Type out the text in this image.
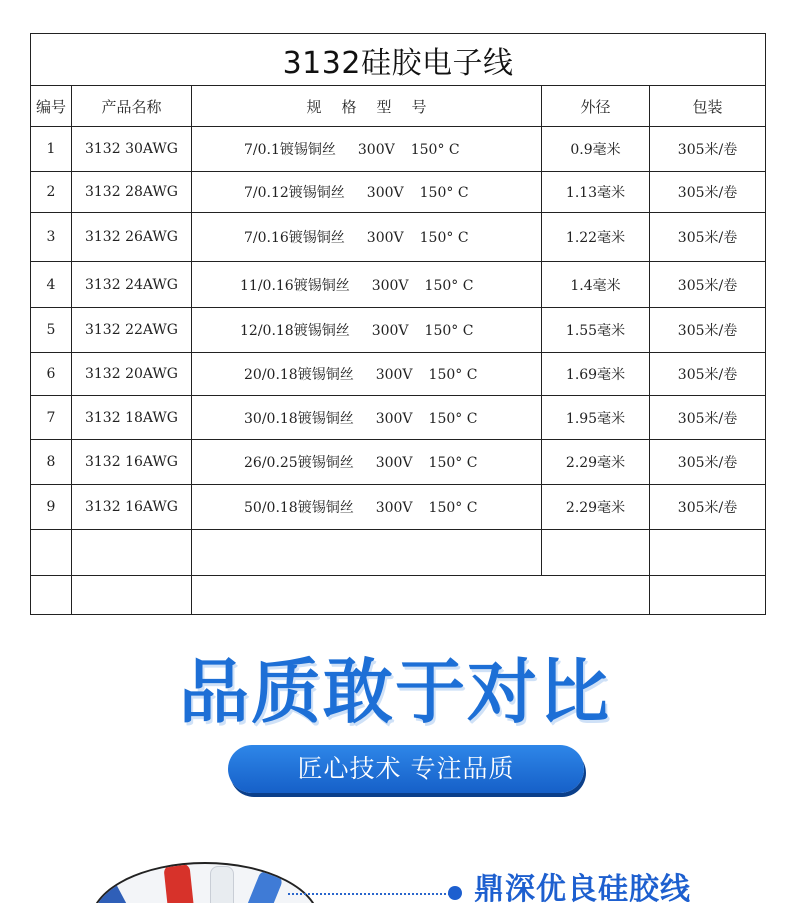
3132硅胶电子线				
编号	产品名称	规格型号	外径	包装
1	3132 30AWG	7/0.1镀锡铜丝 300V 150° C	0.9毫米	305米/卷
2	3132 28AWG	7/0.12镀锡铜丝 300V 150° C	1.13毫米	305米/卷
3	3132 26AWG	7/0.16镀锡铜丝 300V 150° C	1.22毫米	305米/卷
4	3132 24AWG	11/0.16镀锡铜丝 300V 150° C	1.4毫米	305米/卷
5	3132 22AWG	12/0.18镀锡铜丝 300V 150° C	1.55毫米	305米/卷
6	3132 20AWG	20/0.18镀锡铜丝 300V 150° C	1.69毫米	305米/卷
7	3132 18AWG	30/0.18镀锡铜丝 300V 150° C	1.95毫米	305米/卷
8	3132 16AWG	26/0.25镀锡铜丝 300V 150° C	2.29毫米	305米/卷
9	3132 16AWG	50/0.18镀锡铜丝 300V 150° C	2.29毫米	305米/卷

品质敢于对比
匠心技术 专注品质
鼎深优良硅胶线
